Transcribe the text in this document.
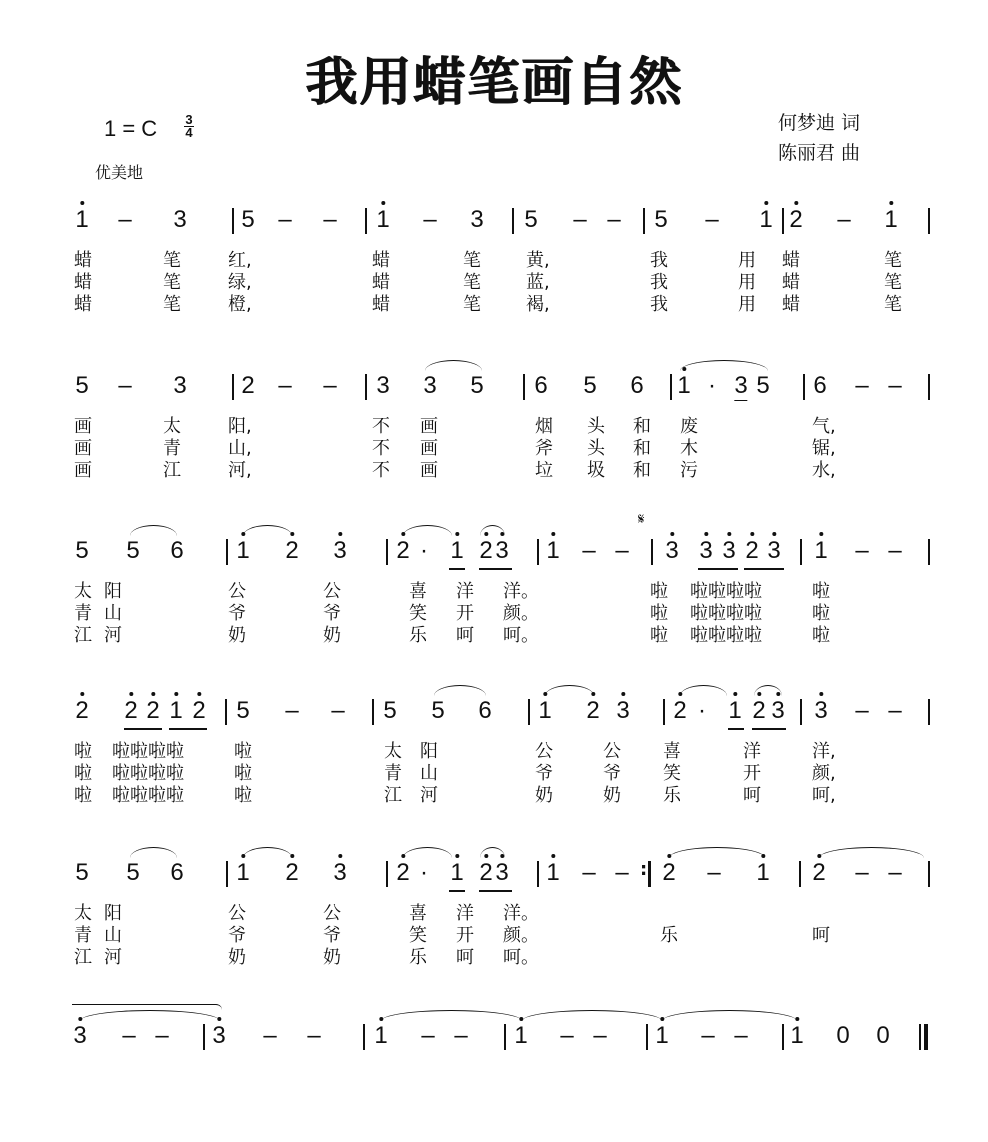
我用蜡笔画自然
1 = C 3
4
优美地
何梦迪 词
陈丽君 曲
1 – 3 5 – – 1 – 3 5 – – 5 – 1 2 – 1
蜡	笔	红,	蜡	笔	黄,	我	用 蜡	笔
蜡	笔	绿,	蜡	笔	蓝,	我	用 蜡	笔
蜡	笔	橙,	蜡	笔	褐,	我	用 蜡	笔
5 – 3 2 – – 3 3 5 6 5 6 1 · 3 5 6 – –
画	太	阳,	不 画	烟 头 和 废	气,
画	青	山,	不 画	斧 头 和 木	锯,
画	江	河,	不 画	垃 圾 和 污	水,
𝄋
5 5 6 1 2 3 2 · 1 2 3 1 – – 3 3 3 2 3 1 – –
太 阳	公	公	喜 洋 洋。	啦 啦啦啦啦	啦
青 山	爷	爷	笑 开 颜。	啦 啦啦啦啦	啦
江 河	奶	奶	乐 呵 呵。	啦 啦啦啦啦	啦
2 2 2 1 2 5 – – 5 5 6 1 2 3 2 · 1 2 3 3 – –
啦 啦啦啦啦	啦	太 阳	公	公 喜	洋	洋,
啦 啦啦啦啦	啦	青 山	爷	爷 笑	开	颜,
啦 啦啦啦啦	啦	江 河	奶	奶 乐	呵	呵,
5 5 6 1 2 3 2 · 1 2 3 1 – – : 2 – 1 2 – –
太 阳	公	公	喜 洋 洋。
青 山	爷	爷	笑 开 颜。	乐	呵
江 河	奶	奶	乐 呵 呵。
3 – – 3 – – 1 – – 1 – – 1 – – 1 0 0
